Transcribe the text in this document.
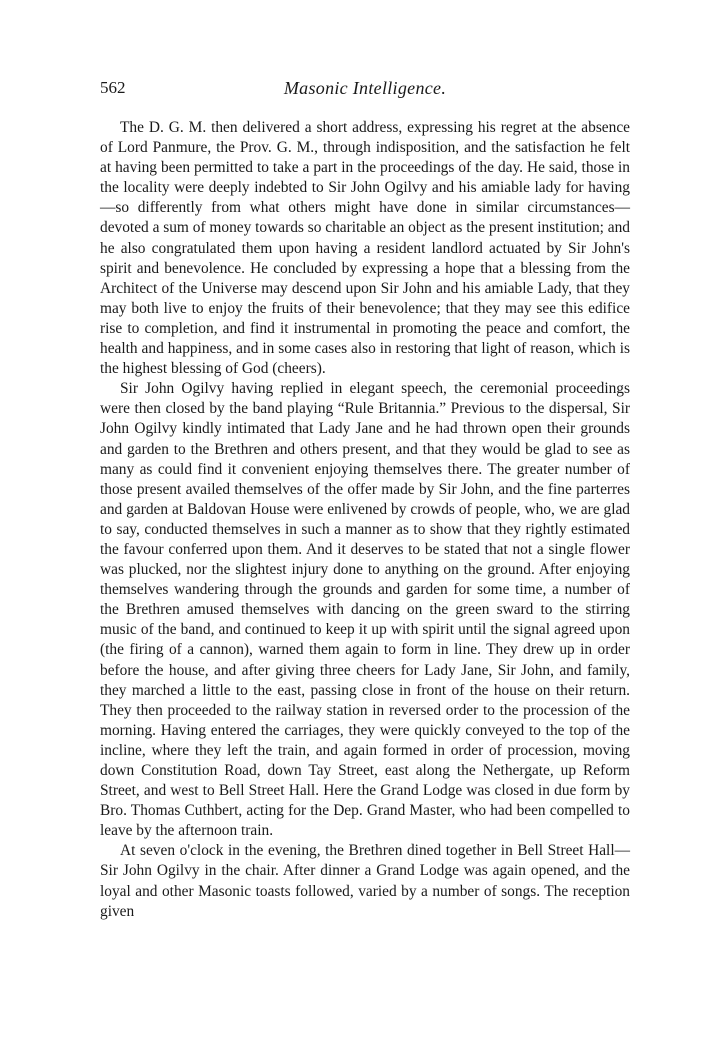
562	Masonic Intelligence.

The D. G. M. then delivered a short address, expressing his regret at the absence of Lord Panmure, the Prov. G. M., through indisposition, and the satisfaction he felt at having been permitted to take a part in the proceedings of the day. He said, those in the locality were deeply indebted to Sir John Ogilvy and his amiable lady for having—so differently from what others might have done in similar circumstances—devoted a sum of money towards so charitable an object as the present institution; and he also congratulated them upon having a resident landlord actuated by Sir John's spirit and benevolence. He concluded by expressing a hope that a blessing from the Architect of the Universe may descend upon Sir John and his amiable Lady, that they may both live to enjoy the fruits of their benevolence; that they may see this edifice rise to completion, and find it instrumental in promoting the peace and comfort, the health and happiness, and in some cases also in restoring that light of reason, which is the highest blessing of God (cheers).

Sir John Ogilvy having replied in elegant speech, the ceremonial proceedings were then closed by the band playing “Rule Britannia.” Previous to the dispersal, Sir John Ogilvy kindly intimated that Lady Jane and he had thrown open their grounds and garden to the Brethren and others present, and that they would be glad to see as many as could find it convenient enjoying themselves there. The greater number of those present availed themselves of the offer made by Sir John, and the fine parterres and garden at Baldovan House were enlivened by crowds of people, who, we are glad to say, conducted themselves in such a manner as to show that they rightly estimated the favour conferred upon them. And it deserves to be stated that not a single flower was plucked, nor the slightest injury done to anything on the ground. After enjoying themselves wandering through the grounds and garden for some time, a number of the Brethren amused themselves with dancing on the green sward to the stirring music of the band, and continued to keep it up with spirit until the signal agreed upon (the firing of a cannon), warned them again to form in line. They drew up in order before the house, and after giving three cheers for Lady Jane, Sir John, and family, they marched a little to the east, passing close in front of the house on their return. They then proceeded to the railway station in reversed order to the procession of the morning. Having entered the carriages, they were quickly conveyed to the top of the incline, where they left the train, and again formed in order of procession, moving down Constitution Road, down Tay Street, east along the Nethergate, up Reform Street, and west to Bell Street Hall. Here the Grand Lodge was closed in due form by Bro. Thomas Cuthbert, acting for the Dep. Grand Master, who had been compelled to leave by the afternoon train.

At seven o'clock in the evening, the Brethren dined together in Bell Street Hall—Sir John Ogilvy in the chair. After dinner a Grand Lodge was again opened, and the loyal and other Masonic toasts followed, varied by a number of songs. The reception given
